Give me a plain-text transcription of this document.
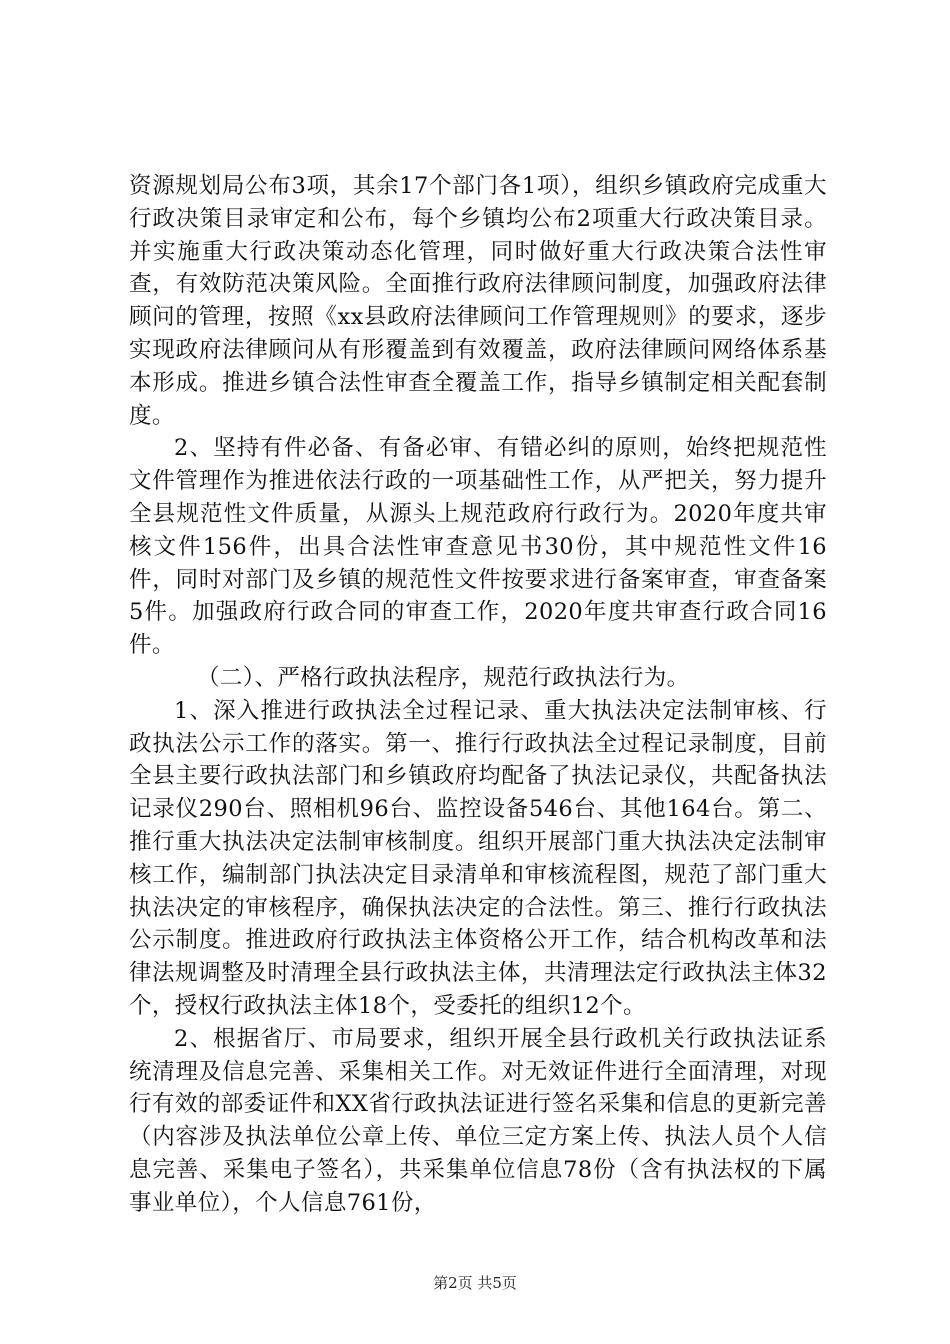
资源规划局公布3项，其余17个部门各1项），组织乡镇政府完成重大行政决策目录审定和公布，每个乡镇均公布2项重大行政决策目录。并实施重大行政决策动态化管理，同时做好重大行政决策合法性审查，有效防范决策风险。全面推行政府法律顾问制度，加强政府法律顾问的管理，按照《xx县政府法律顾问工作管理规则》的要求，逐步实现政府法律顾问从有形覆盖到有效覆盖，政府法律顾问网络体系基本形成。推进乡镇合法性审查全覆盖工作，指导乡镇制定相关配套制度。

2、坚持有件必备、有备必审、有错必纠的原则，始终把规范性文件管理作为推进依法行政的一项基础性工作，从严把关，努力提升全县规范性文件质量，从源头上规范政府行政行为。2020年度共审核文件156件，出具合法性审查意见书30份，其中规范性文件16件，同时对部门及乡镇的规范性文件按要求进行备案审查，审查备案5件。加强政府行政合同的审查工作，2020年度共审查行政合同16件。

（二）、严格行政执法程序，规范行政执法行为。

1、深入推进行政执法全过程记录、重大执法决定法制审核、行政执法公示工作的落实。第一、推行行政执法全过程记录制度，目前全县主要行政执法部门和乡镇政府均配备了执法记录仪，共配备执法记录仪290台、照相机96台、监控设备546台、其他164台。第二、推行重大执法决定法制审核制度。组织开展部门重大执法决定法制审核工作，编制部门执法决定目录清单和审核流程图，规范了部门重大执法决定的审核程序，确保执法决定的合法性。第三、推行行政执法公示制度。推进政府行政执法主体资格公开工作，结合机构改革和法律法规调整及时清理全县行政执法主体，共清理法定行政执法主体32个，授权行政执法主体18个，受委托的组织12个。

2、根据省厅、市局要求，组织开展全县行政机关行政执法证系统清理及信息完善、采集相关工作。对无效证件进行全面清理，对现行有效的部委证件和XX省行政执法证进行签名采集和信息的更新完善（内容涉及执法单位公章上传、单位三定方案上传、执法人员个人信息完善、采集电子签名），共采集单位信息78份（含有执法权的下属事业单位），个人信息761份，

第2页 共5页
